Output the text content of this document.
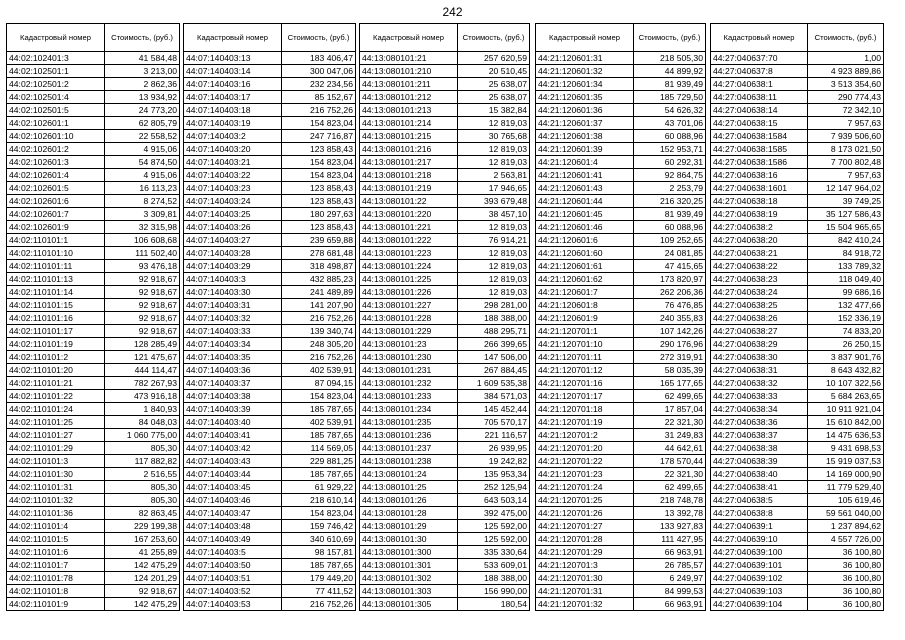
242
Кадастровый номер	Стоимость, (руб.)
44:02:102401:3	41 584,48
44:02:102501:1	3 213,00
44:02:102501:2	2 862,36
44:02:102501:4	13 934,92
44:02:102501:5	24 773,20
44:02:102601:1	62 805,79
44:02:102601:10	22 558,52
44:02:102601:2	4 915,06
44:02:102601:3	54 874,50
44:02:102601:4	4 915,06
44:02:102601:5	16 113,23
44:02:102601:6	8 274,52
44:02:102601:7	3 309,81
44:02:102601:9	32 315,98
44:02:110101:1	106 608,68
44:02:110101:10	111 502,40
44:02:110101:11	93 476,18
44:02:110101:13	92 918,67
44:02:110101:14	92 918,67
44:02:110101:15	92 918,67
44:02:110101:16	92 918,67
44:02:110101:17	92 918,67
44:02:110101:19	128 285,49
44:02:110101:2	121 475,67
44:02:110101:20	444 114,47
44:02:110101:21	782 267,93
44:02:110101:22	473 916,18
44:02:110101:24	1 840,93
44:02:110101:25	84 048,03
44:02:110101:27	1 060 775,00
44:02:110101:29	805,30
44:02:110101:3	117 882,82
44:02:110101:30	2 516,55
44:02:110101:31	805,30
44:02:110101:32	805,30
44:02:110101:36	82 863,45
44:02:110101:4	229 199,38
44:02:110101:5	167 253,60
44:02:110101:6	41 255,89
44:02:110101:7	142 475,29
44:02:110101:78	124 201,29
44:02:110101:8	92 918,67
44:02:110101:9	142 475,29
Кадастровый номер	Стоимость, (руб.)
44:07:140403:13	183 406,47
44:07:140403:14	300 047,06
44:07:140403:16	232 234,56
44:07:140403:17	85 152,67
44:07:140403:18	216 752,26
44:07:140403:19	154 823,04
44:07:140403:2	247 716,87
44:07:140403:20	123 858,43
44:07:140403:21	154 823,04
44:07:140403:22	154 823,04
44:07:140403:23	123 858,43
44:07:140403:24	123 858,43
44:07:140403:25	180 297,63
44:07:140403:26	123 858,43
44:07:140403:27	239 659,88
44:07:140403:28	278 681,48
44:07:140403:29	318 498,87
44:07:140403:3	432 885,23
44:07:140403:30	241 489,89
44:07:140403:31	141 207,90
44:07:140403:32	216 752,26
44:07:140403:33	139 340,74
44:07:140403:34	248 305,20
44:07:140403:35	216 752,26
44:07:140403:36	402 539,91
44:07:140403:37	87 094,15
44:07:140403:38	154 823,04
44:07:140403:39	185 787,65
44:07:140403:40	402 539,91
44:07:140403:41	185 787,65
44:07:140403:42	114 569,05
44:07:140403:43	229 881,25
44:07:140403:44	185 787,65
44:07:140403:45	61 929,22
44:07:140403:46	218 610,14
44:07:140403:47	154 823,04
44:07:140403:48	159 746,42
44:07:140403:49	340 610,69
44:07:140403:5	98 157,81
44:07:140403:50	185 787,65
44:07:140403:51	179 449,20
44:07:140403:52	77 411,52
44:07:140403:53	216 752,26
Кадастровый номер	Стоимость, (руб.)
44:13:080101:21	257 620,59
44:13:080101:210	20 510,45
44:13:080101:211	25 638,07
44:13:080101:212	25 638,07
44:13:080101:213	15 382,84
44:13:080101:214	12 819,03
44:13:080101:215	30 765,68
44:13:080101:216	12 819,03
44:13:080101:217	12 819,03
44:13:080101:218	2 563,81
44:13:080101:219	17 946,65
44:13:080101:22	393 679,48
44:13:080101:220	38 457,10
44:13:080101:221	12 819,03
44:13:080101:222	76 914,21
44:13:080101:223	12 819,03
44:13:080101:224	12 819,03
44:13:080101:225	12 819,03
44:13:080101:226	12 819,03
44:13:080101:227	298 281,00
44:13:080101:228	188 388,00
44:13:080101:229	488 295,71
44:13:080101:23	266 399,65
44:13:080101:230	147 506,00
44:13:080101:231	267 884,45
44:13:080101:232	1 609 535,38
44:13:080101:233	384 571,03
44:13:080101:234	145 452,44
44:13:080101:235	705 570,17
44:13:080101:236	221 116,57
44:13:080101:237	26 939,95
44:13:080101:238	19 242,82
44:13:080101:24	135 953,34
44:13:080101:25	252 125,94
44:13:080101:26	643 503,14
44:13:080101:28	392 475,00
44:13:080101:29	125 592,00
44:13:080101:30	125 592,00
44:13:080101:300	335 330,64
44:13:080101:301	533 609,01
44:13:080101:302	188 388,00
44:13:080101:303	156 990,00
44:13:080101:305	180,54
Кадастровый номер	Стоимость, (руб.)
44:21:120601:31	218 505,30
44:21:120601:32	44 899,92
44:21:120601:34	81 939,49
44:21:120601:35	185 729,50
44:21:120601:36	54 626,32
44:21:120601:37	43 701,06
44:21:120601:38	60 088,96
44:21:120601:39	152 953,71
44:21:120601:4	60 292,31
44:21:120601:41	92 864,75
44:21:120601:43	2 253,79
44:21:120601:44	216 320,25
44:21:120601:45	81 939,49
44:21:120601:46	60 088,96
44:21:120601:6	109 252,65
44:21:120601:60	24 081,85
44:21:120601:61	47 415,65
44:21:120601:62	173 820,97
44:21:120601:7	262 206,36
44:21:120601:8	76 476,85
44:21:120601:9	240 355,83
44:21:120701:1	107 142,26
44:21:120701:10	290 176,96
44:21:120701:11	272 319,91
44:21:120701:12	58 035,39
44:21:120701:16	165 177,65
44:21:120701:17	62 499,65
44:21:120701:18	17 857,04
44:21:120701:19	22 321,30
44:21:120701:2	31 249,83
44:21:120701:20	44 642,61
44:21:120701:22	178 570,44
44:21:120701:23	22 321,30
44:21:120701:24	62 499,65
44:21:120701:25	218 748,78
44:21:120701:26	13 392,78
44:21:120701:27	133 927,83
44:21:120701:28	111 427,95
44:21:120701:29	66 963,91
44:21:120701:3	26 785,57
44:21:120701:30	6 249,97
44:21:120701:31	84 999,53
44:21:120701:32	66 963,91
Кадастровый номер	Стоимость, (руб.)
44:27:040637:70	1,00
44:27:040637:8	4 923 889,86
44:27:040638:1	3 513 354,60
44:27:040638:11	290 774,43
44:27:040638:14	72 342,10
44:27:040638:15	7 957,63
44:27:040638:1584	7 939 506,60
44:27:040638:1585	8 173 021,50
44:27:040638:1586	7 700 802,48
44:27:040638:16	7 957,63
44:27:040638:1601	12 147 964,02
44:27:040638:18	39 749,25
44:27:040638:19	35 127 586,43
44:27:040638:2	15 504 965,65
44:27:040638:20	842 410,24
44:27:040638:21	84 918,72
44:27:040638:22	133 789,32
44:27:040638:23	118 049,40
44:27:040638:24	99 686,16
44:27:040638:25	132 477,66
44:27:040638:26	152 336,19
44:27:040638:27	74 833,20
44:27:040638:29	26 250,15
44:27:040638:30	3 837 901,76
44:27:040638:31	8 643 432,82
44:27:040638:32	10 107 322,56
44:27:040638:33	5 684 263,65
44:27:040638:34	10 911 921,04
44:27:040638:36	15 610 842,00
44:27:040638:37	14 475 636,53
44:27:040638:38	9 431 698,53
44:27:040638:39	15 919 037,53
44:27:040638:40	14 169 000,90
44:27:040638:41	11 779 529,40
44:27:040638:5	105 619,46
44:27:040638:8	59 561 040,00
44:27:040639:1	1 237 894,62
44:27:040639:10	4 557 726,00
44:27:040639:100	36 100,80
44:27:040639:101	36 100,80
44:27:040639:102	36 100,80
44:27:040639:103	36 100,80
44:27:040639:104	36 100,80
